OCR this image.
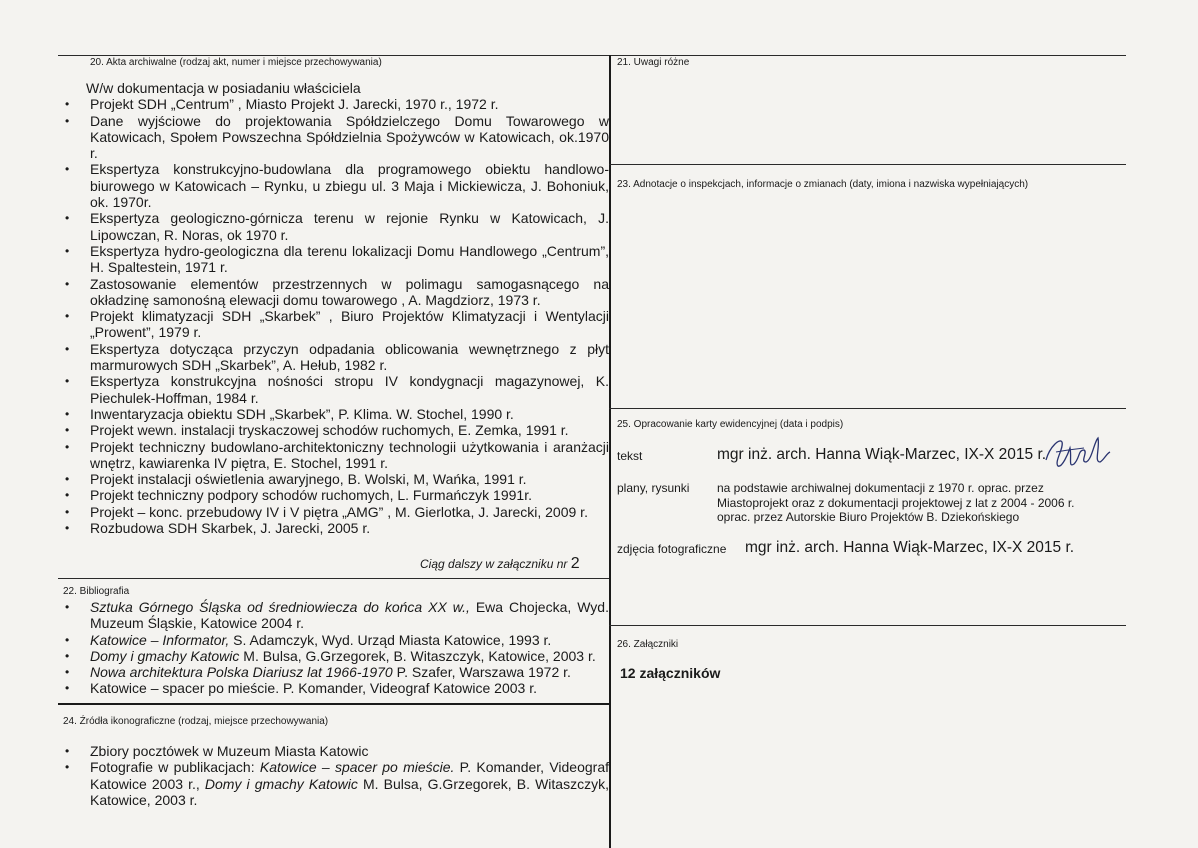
20. Akta archiwalne (rodzaj akt, numer i miejsce przechowywania)
W/w dokumentacja w posiadaniu właściciela
• Projekt SDH „Centrum” , Miasto Projekt J. Jarecki, 1970 r., 1972 r.
• Dane wyjściowe do projektowania Spółdzielczego Domu Towarowego w Katowicach, Społem Powszechna Spółdzielnia Spożywców w Katowicach, ok.1970 r.
• Ekspertyza konstrukcyjno-budowlana dla programowego obiektu handlowo-biurowego w Katowicach – Rynku, u zbiegu ul. 3 Maja i Mickiewicza, J. Bohoniuk, ok. 1970r.
• Ekspertyza geologiczno-górnicza terenu w rejonie Rynku w Katowicach, J. Lipowczan, R. Noras, ok 1970 r.
• Ekspertyza hydro-geologiczna dla terenu lokalizacji Domu Handlowego „Centrum”, H. Spaltestein, 1971 r.
• Zastosowanie elementów przestrzennych w polimagu samogasnącego na okładzinę samonośną elewacji domu towarowego , A. Magdziorz, 1973 r.
• Projekt klimatyzacji SDH „Skarbek” , Biuro Projektów Klimatyzacji i Wentylacji „Prowent”, 1979 r.
• Ekspertyza dotycząca przyczyn odpadania oblicowania wewnętrznego z płyt marmurowych SDH „Skarbek”, A. Hełub, 1982 r.
• Ekspertyza konstrukcyjna nośności stropu IV kondygnacji magazynowej, K. Piechulek-Hoffman, 1984 r.
• Inwentaryzacja obiektu SDH „Skarbek”, P. Klima. W. Stochel, 1990 r.
• Projekt wewn. instalacji tryskaczowej schodów ruchomych, E. Zemka, 1991 r.
• Projekt techniczny budowlano-architektoniczny technologii użytkowania i aranżacji wnętrz, kawiarenka IV piętra, E. Stochel, 1991 r.
• Projekt instalacji oświetlenia awaryjnego, B. Wolski, M, Wańka, 1991 r.
• Projekt techniczny podpory schodów ruchomych, L. Furmańczyk 1991r.
• Projekt – konc. przebudowy IV i V piętra „AMG” , M. Gierlotka, J. Jarecki, 2009 r.
• Rozbudowa SDH Skarbek, J. Jarecki, 2005 r.
Ciąg dalszy w załączniku nr 2
22. Bibliografia
• Sztuka Górnego Śląska od średniowiecza do końca XX w., Ewa Chojecka, Wyd. Muzeum Śląskie, Katowice 2004 r.
• Katowice – Informator, S. Adamczyk, Wyd. Urząd Miasta Katowice, 1993 r.
• Domy i gmachy Katowic M. Bulsa, G.Grzegorek, B. Witaszczyk, Katowice, 2003 r.
• Nowa architektura Polska Diariusz lat 1966-1970 P. Szafer, Warszawa 1972 r.
• Katowice – spacer po mieście. P. Komander, Videograf Katowice 2003 r.
24. Źródła ikonograficzne (rodzaj, miejsce przechowywania)
• Zbiory pocztówek w Muzeum Miasta Katowic
• Fotografie w publikacjach: Katowice – spacer po mieście. P. Komander, Videograf Katowice 2003 r., Domy i gmachy Katowic M. Bulsa, G.Grzegorek, B. Witaszczyk, Katowice, 2003 r.
21. Uwagi różne
23. Adnotacje o inspekcjach, informacje o zmianach (daty, imiona i nazwiska wypełniających)
25. Opracowanie karty ewidencyjnej (data i podpis)
tekst	mgr inż. arch. Hanna Wiąk-Marzec, IX-X 2015 r.
plany, rysunki na podstawie archiwalnej dokumentacji z 1970 r. oprac. przez
Miastoprojekt oraz z dokumentacji projektowej z lat z 2004 - 2006 r.
oprac. przez Autorskie Biuro Projektów B. Dziekońskiego
zdjęcia fotograficzne mgr inż. arch. Hanna Wiąk-Marzec, IX-X 2015 r.
26. Załączniki
12 załączników
